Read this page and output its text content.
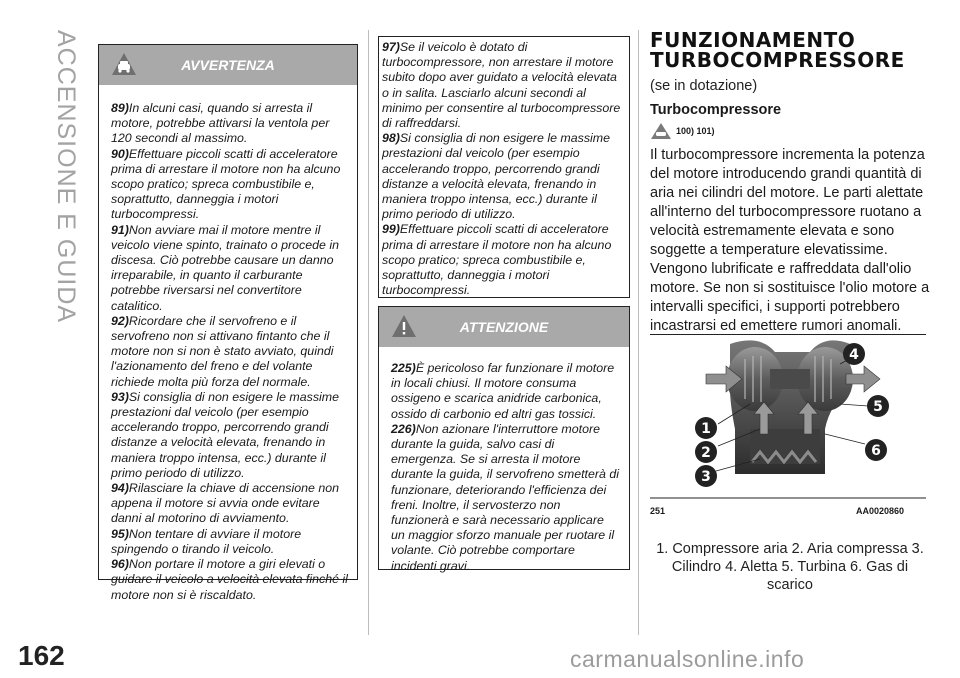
ACCENSIONE E GUIDA	AVVERTENZA

89)In alcuni casi, quando si arresta il motore, potrebbe attivarsi la ventola per 120 secondi al massimo.

90)Effettuare piccoli scatti di acceleratore prima di arrestare il motore non ha alcuno scopo pratico; spreca combustibile e, soprattutto, danneggia i motori turbocompressi.

91)Non avviare mai il motore mentre il veicolo viene spinto, trainato o procede in discesa. Ciò potrebbe causare un danno irreparabile, in quanto il carburante potrebbe riversarsi nel convertitore catalitico.

92)Ricordare che il servofreno e il servofreno non si attivano fintanto che il motore non si non è stato avviato, quindi l'azionamento del freno e del volante richiede molta più forza del normale.

93)Si consiglia di non esigere le massime prestazioni dal veicolo (per esempio accelerando troppo, percorrendo grandi distanze a velocità elevata, frenando in maniera troppo intensa, ecc.) durante il primo periodo di utilizzo.

94)Rilasciare la chiave di accensione non appena il motore si avvia onde evitare danni al motorino di avviamento.

95)Non tentare di avviare il motore spingendo o tirando il veicolo.

96)Non portare il motore a giri elevati o guidare il veicolo a velocità elevata finché il motore non si è riscaldato.

97)Se il veicolo è dotato di turbocompressore, non arrestare il motore subito dopo aver guidato a velocità elevata o in salita. Lasciarlo alcuni secondi al minimo per consentire al turbocompressore di raffreddarsi.

98)Si consiglia di non esigere le massime prestazioni dal veicolo (per esempio accelerando troppo, percorrendo grandi distanze a velocità elevata, frenando in maniera troppo intensa, ecc.) durante il primo periodo di utilizzo.

99)Effettuare piccoli scatti di acceleratore prima di arrestare il motore non ha alcuno scopo pratico; spreca combustibile e, soprattutto, danneggia i motori turbocompressi.

ATTENZIONE

225)È pericoloso far funzionare il motore in locali chiusi. Il motore consuma ossigeno e scarica anidride carbonica, ossido di carbonio ed altri gas tossici.

226)Non azionare l'interruttore motore durante la guida, salvo casi di emergenza. Se si arresta il motore durante la guida, il servofreno smetterà di funzionare, deteriorando l'efficienza dei freni. Inoltre, il servosterzo non funzionerà e sarà necessario applicare un maggior sforzo manuale per ruotare il volante. Ciò potrebbe comportare incidenti gravi.

FUNZIONAMENTO

TURBOCOMPRESSORE

(se in dotazione)
Turbocompressore
100) 101)
Il turbocompressore incrementa la potenza del motore introducendo grandi quantità di aria nei cilindri del motore. Le parti alettate all'interno del turbocompressore ruotano a velocità estremamente elevata e sono soggette a temperature elevatissime. Vengono lubrificate e raffreddata dall'olio motore. Se non si sostituisce l'olio motore a intervalli specifici, i supporti potrebbero incastrarsi ed emettere rumori anomali.
1
2
3
4
5
6
251	AA0020860
1. Compressore aria 2. Aria compressa 3. Cilindro 4. Aletta 5. Turbina 6. Gas di scarico
162	carmanualsonline.info
